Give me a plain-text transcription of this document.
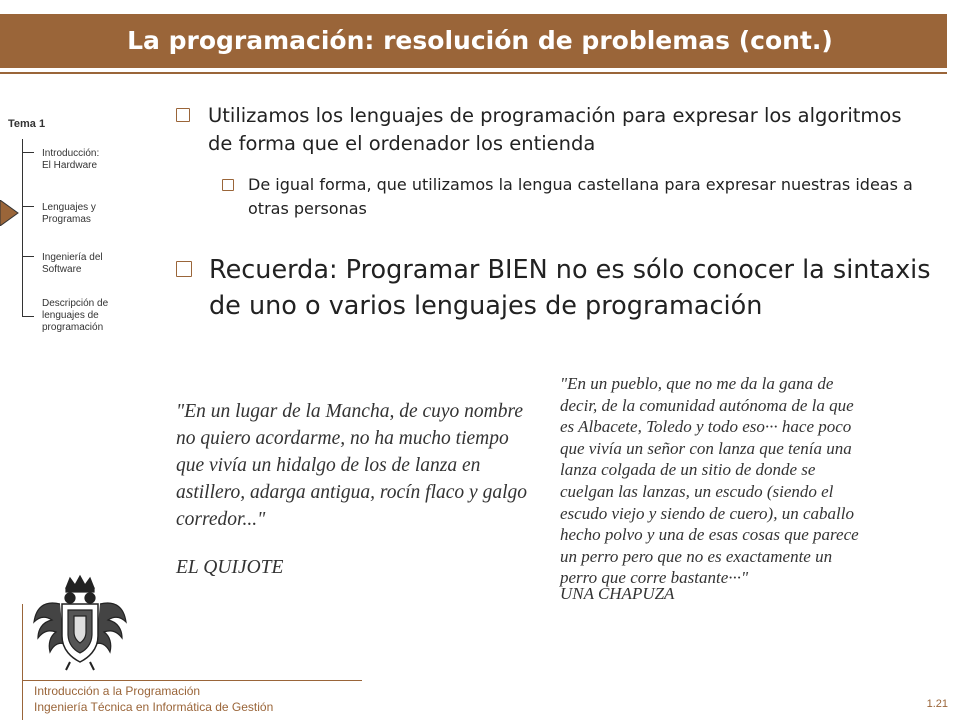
La programación: resolución de problemas (cont.)
Tema 1
Introducción:
El Hardware
Lenguajes y
Programas
Ingeniería del
Software
Descripción de
lenguajes de
programación
Utilizamos los lenguajes de programación para expresar los algoritmos de forma que el ordenador los entienda
De igual forma, que utilizamos la lengua castellana para expresar nuestras ideas a otras personas
Recuerda: Programar BIEN no es sólo conocer la sintaxis de uno o varios lenguajes de programación
"En un lugar de la Mancha, de cuyo nombre
no quiero acordarme, no ha mucho tiempo
que vivía un hidalgo de los de lanza en
astillero, adarga antigua, rocín flaco y galgo
corredor..."
EL QUIJOTE
"En un pueblo, que no me da la gana de
decir, de la comunidad autónoma de la que
es Albacete, Toledo y todo eso··· hace poco
que vivía un señor con lanza que tenía una
lanza colgada de un sitio de donde se
cuelgan las lanzas, un escudo (siendo el
escudo viejo y siendo de cuero), un caballo
hecho polvo y una de esas cosas que parece
un perro pero que no es exactamente un
perro que corre bastante···"
UNA CHAPUZA
Introducción a la Programación
Ingeniería Técnica en Informática de Gestión	1.21
